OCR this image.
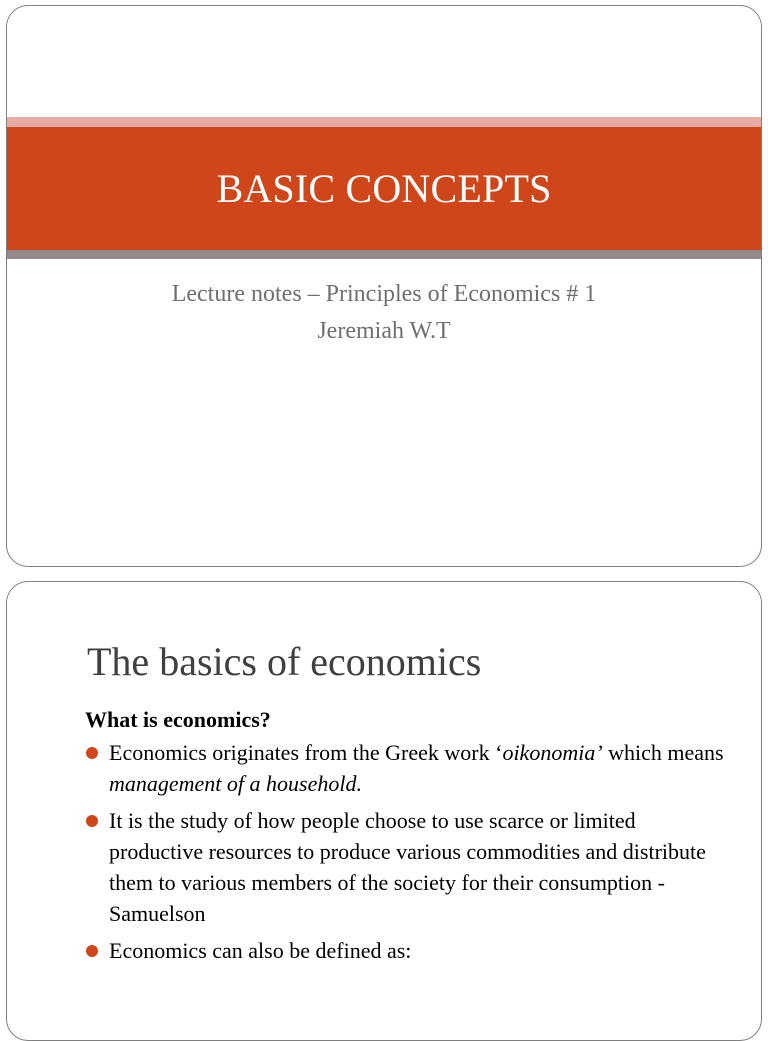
BASIC CONCEPTS
Lecture notes – Principles of Economics # 1
Jeremiah W.T
The basics of economics
What is economics?
Economics originates from the Greek work ‘oikonomia’ which means management of a household.
It is the study of how people choose to use scarce or limited productive resources to produce various commodities and distribute them to various members of the society for their consumption - Samuelson
Economics can also be defined as:
